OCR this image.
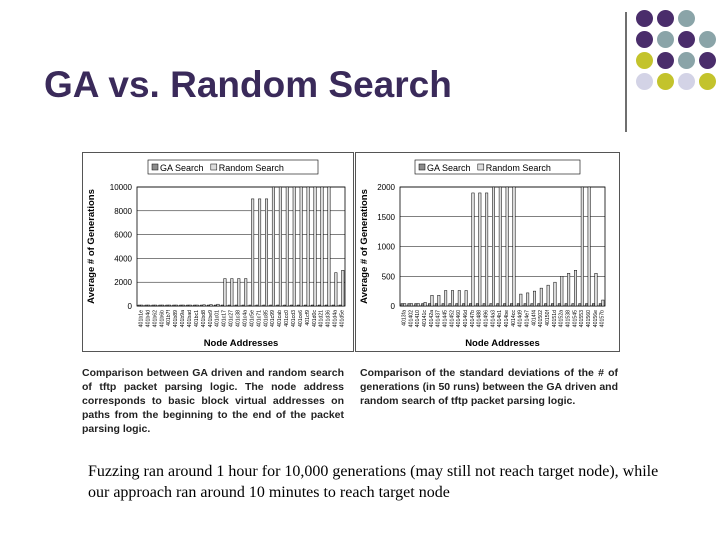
GA vs. Random Search
0
2000
4000
6000
8000
10000
GA Search Random Search
401b1e 401b4d 401b62 401b6b 401b7f 401b89 401b9a 401bad 401bc1 401bd8 401be9 401c01 401c17 401c27 401c38 401c4a 401c5e 401c71 401c85 401c99 401cab 401cc0 401cd3 401ce6 401cf9 401d0c 401d21 401d36 401d4a 401d5e
Node Addresses
Average # of Generations
0
500
1000
1500
2000
GA Search Random Search
4013fa 401402 401410 40141c 40142a 401437 401445 401452 401460 40146d 40147b 401488 401496 4014a3 4014b1 4014be 4014cc 4014d9 4014e7 4014f4 401502 40150f 40151d 40152a 401538 401545 401553 401560 40156e 40157b
Node Addresses
Average # of Generations
Comparison between GA driven and random search of tftp packet parsing logic. The node address corresponds to basic block virtual addresses on paths from the beginning to the end of the packet parsing logic.
Comparison of the standard deviations of the # of generations (in 50 runs) between the GA driven and random search of tftp packet parsing logic.
Fuzzing ran around 1 hour for 10,000 generations (may still not reach target node), while our approach ran around 10 minutes to reach target node
